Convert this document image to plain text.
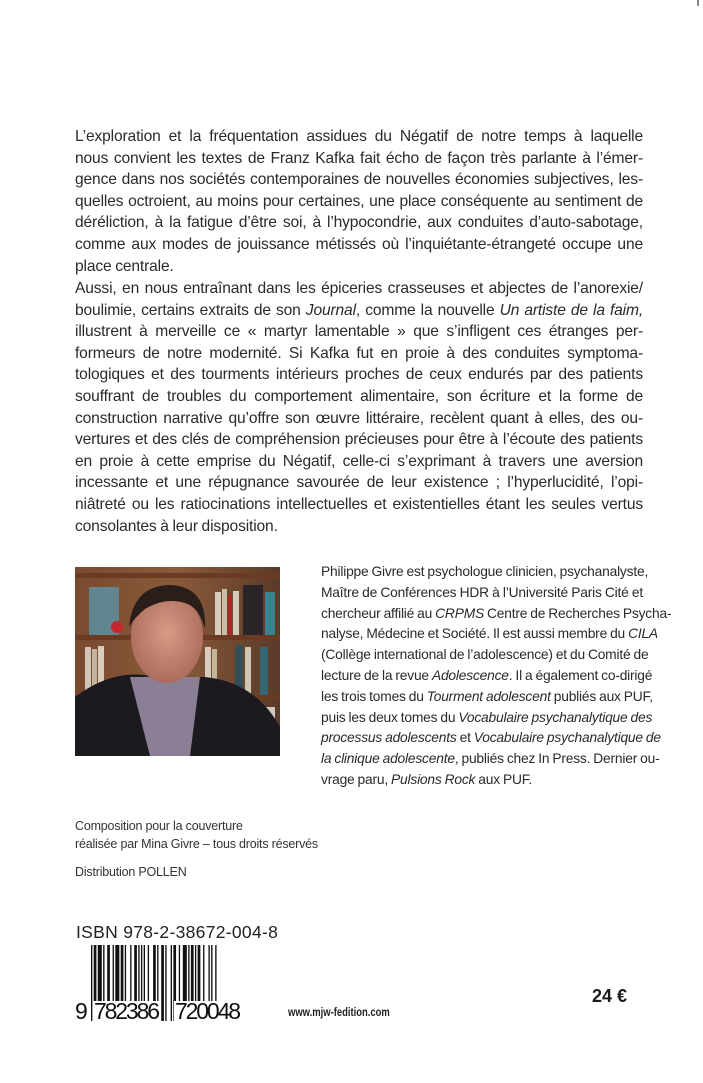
L’exploration et la fréquentation assidues du Négatif de notre temps à laquelle
nous convient les textes de Franz Kafka fait écho de façon très parlante à l’émer-
gence dans nos sociétés contemporaines de nouvelles économies subjectives, les-
quelles octroient, au moins pour certaines, une place conséquente au sentiment de
déréliction, à la fatigue d’être soi, à l’hypocondrie, aux conduites d’auto-sabotage,
comme aux modes de jouissance métissés où l’inquiétante-étrangeté occupe une
place centrale.
Aussi, en nous entraînant dans les épiceries crasseuses et abjectes de l’anorexie/
boulimie, certains extraits de son Journal, comme la nouvelle Un artiste de la faim,
illustrent à merveille ce « martyr lamentable » que s’infligent ces étranges per-
formeurs de notre modernité. Si Kafka fut en proie à des conduites symptoma-
tologiques et des tourments intérieurs proches de ceux endurés par des patients
souffrant de troubles du comportement alimentaire, son écriture et la forme de
construction narrative qu’offre son œuvre littéraire, recèlent quant à elles, des ou-
vertures et des clés de compréhension précieuses pour être à l’écoute des patients
en proie à cette emprise du Négatif, celle-ci s’exprimant à travers une aversion
incessante et une répugnance savourée de leur existence ; l’hyperlucidité, l’opi-
niâtreté ou les ratiocinations intellectuelles et existentielles étant les seules vertus
consolantes à leur disposition.
Philippe Givre est psychologue clinicien, psychanalyste,
Maître de Conférences HDR à l’Université Paris Cité et
chercheur affilié au CRPMS Centre de Recherches Psycha-
nalyse, Médecine et Société. Il est aussi membre du CILA
(Collège international de l’adolescence) et du Comité de
lecture de la revue Adolescence. Il a également co-dirigé
les trois tomes du Tourment adolescent publiés aux PUF,
puis les deux tomes du Vocabulaire psychanalytique des
processus adolescents et Vocabulaire psychanalytique de
la clinique adolescente, publiés chez In Press. Dernier ou-
vrage paru, Pulsions Rock aux PUF.
Composition pour la couverture
réalisée par Mina Givre – tous droits réservés
Distribution POLLEN
ISBN 978-2-38672-004-8
9 782386 720048	www.mjw-fedition.com
24 €
